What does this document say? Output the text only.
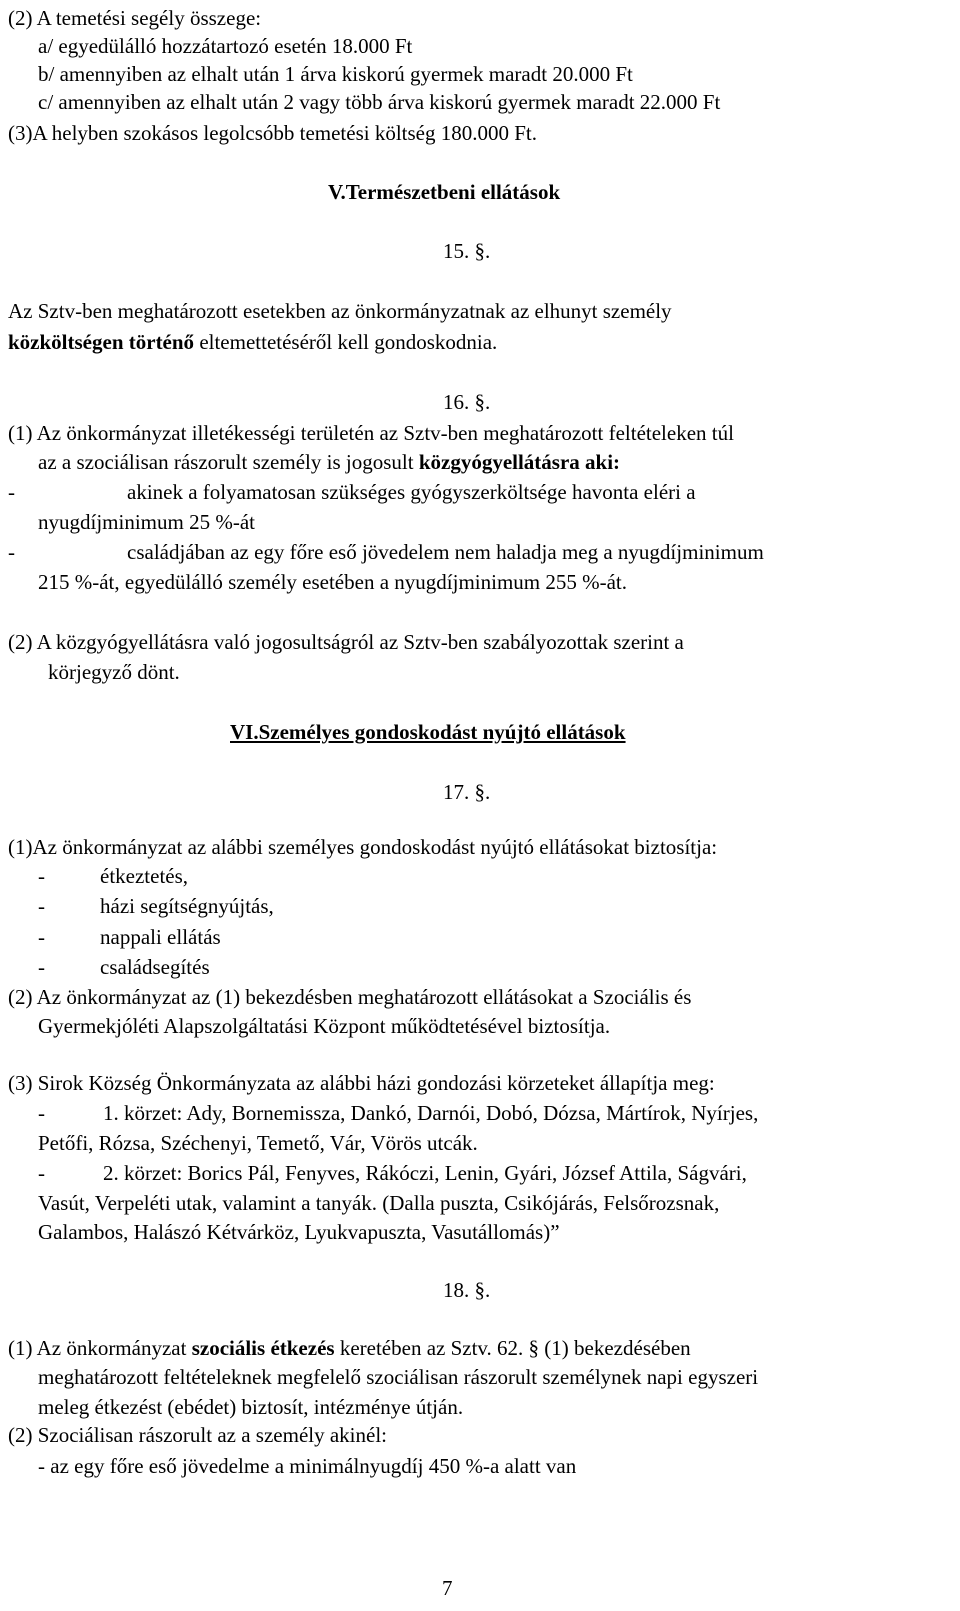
(2) A temetési segély összege:
a/ egyedülálló hozzátartozó esetén 18.000 Ft
b/ amennyiben az elhalt után 1 árva kiskorú gyermek maradt 20.000 Ft
c/ amennyiben az elhalt után 2 vagy több árva kiskorú gyermek maradt 22.000 Ft
(3)A helyben szokásos legolcsóbb temetési költség 180.000 Ft.
V.Természetbeni ellátások
15. §.
Az Sztv-ben meghatározott esetekben az önkormányzatnak az elhunyt személy
közköltségen történő eltemettetéséről kell gondoskodnia.
16. §.
(1) Az önkormányzat illetékességi területén az Sztv-ben meghatározott feltételeken túl
az a szociálisan rászorult személy is jogosult közgyógyellátásra aki:
-	akinek a folyamatosan szükséges gyógyszerköltsége havonta eléri a
nyugdíjminimum 25 %-át
-	családjában az egy főre eső jövedelem nem haladja meg a nyugdíjminimum
215 %-át, egyedülálló személy esetében a nyugdíjminimum 255 %-át.
(2) A közgyógyellátásra való jogosultságról az Sztv-ben szabályozottak szerint a
körjegyző dönt.
VI.Személyes gondoskodást nyújtó ellátások
17. §.
(1)Az önkormányzat az alábbi személyes gondoskodást nyújtó ellátásokat biztosítja:
-	étkeztetés,
-	házi segítségnyújtás,
-	nappali ellátás
-	családsegítés
(2) Az önkormányzat az (1) bekezdésben meghatározott ellátásokat a Szociális és
Gyermekjóléti Alapszolgáltatási Központ működtetésével biztosítja.
(3) Sirok Község Önkormányzata az alábbi házi gondozási körzeteket állapítja meg:
-	1. körzet: Ady, Bornemissza, Dankó, Darnói, Dobó, Dózsa, Mártírok, Nyírjes,
Petőfi, Rózsa, Széchenyi, Temető, Vár, Vörös utcák.
-	2. körzet: Borics Pál, Fenyves, Rákóczi, Lenin, Gyári, József Attila, Ságvári,
Vasút, Verpeléti utak, valamint a tanyák. (Dalla puszta, Csikójárás, Felsőrozsnak,
Galambos, Halászó Kétvárköz, Lyukvapuszta, Vasutállomás)”
18. §.
(1) Az önkormányzat szociális étkezés keretében az Sztv. 62. § (1) bekezdésében
meghatározott feltételeknek megfelelő szociálisan rászorult személynek napi egyszeri
meleg étkezést (ebédet) biztosít, intézménye útján.
(2) Szociálisan rászorult az a személy akinél:
- az egy főre eső jövedelme a minimálnyugdíj 450 %-a alatt van
7
